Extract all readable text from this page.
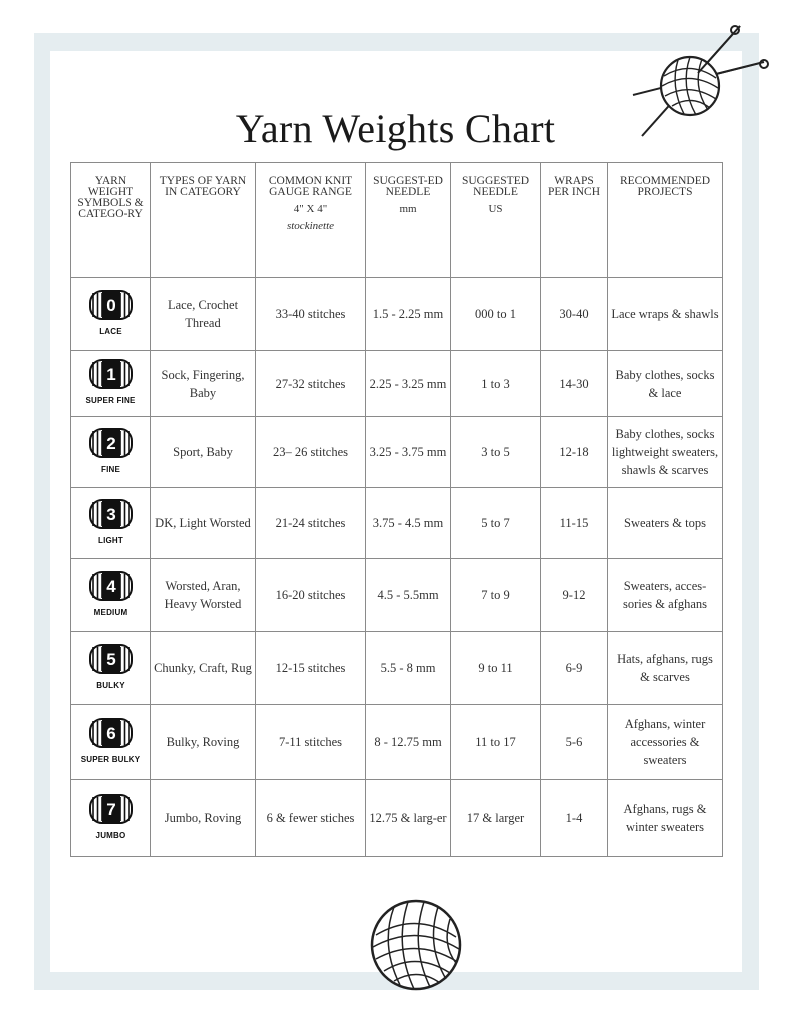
Yarn Weights Chart
YARN WEIGHT SYMBOLS & CATEGO-RY	TYPES OF YARN IN CATEGORY	COMMON KNIT GAUGE RANGE
4" X 4"
stockinette	SUGGEST-ED NEEDLE
mm	SUGGESTED NEEDLE
US	WRAPS PER INCH	RECOMMENDED PROJECTS

0
LACE	Lace, Crochet Thread	33-40 stitches	1.5 - 2.25 mm	000 to 1	30-40	Lace wraps & shawls

1
SUPER FINE	Sock, Fingering, Baby	27-32 stitches	2.25 - 3.25 mm	1 to 3	14-30	Baby clothes, socks & lace

2
FINE	Sport, Baby	23– 26 stitches	3.25 - 3.75 mm	3 to 5	12-18	Baby clothes, socks lightweight sweaters, shawls & scarves

3
LIGHT	DK, Light Worsted	21-24 stitches	3.75 - 4.5 mm	5 to 7	11-15	Sweaters & tops

4
MEDIUM	Worsted, Aran, Heavy Worsted	16-20 stitches	4.5 - 5.5mm	7 to 9	9-12	Sweaters, acces-sories & afghans

5
BULKY	Chunky, Craft, Rug	12-15 stitches	5.5 - 8 mm	9 to 11	6-9	Hats, afghans, rugs & scarves

6
SUPER BULKY	Bulky, Roving	7-11 stitches	8 - 12.75 mm	11 to 17	5-6	Afghans, winter accessories & sweaters

7
JUMBO	Jumbo, Roving	6 & fewer stiches	12.75 & larg-er	17 & larger	1-4	Afghans, rugs & winter sweaters
